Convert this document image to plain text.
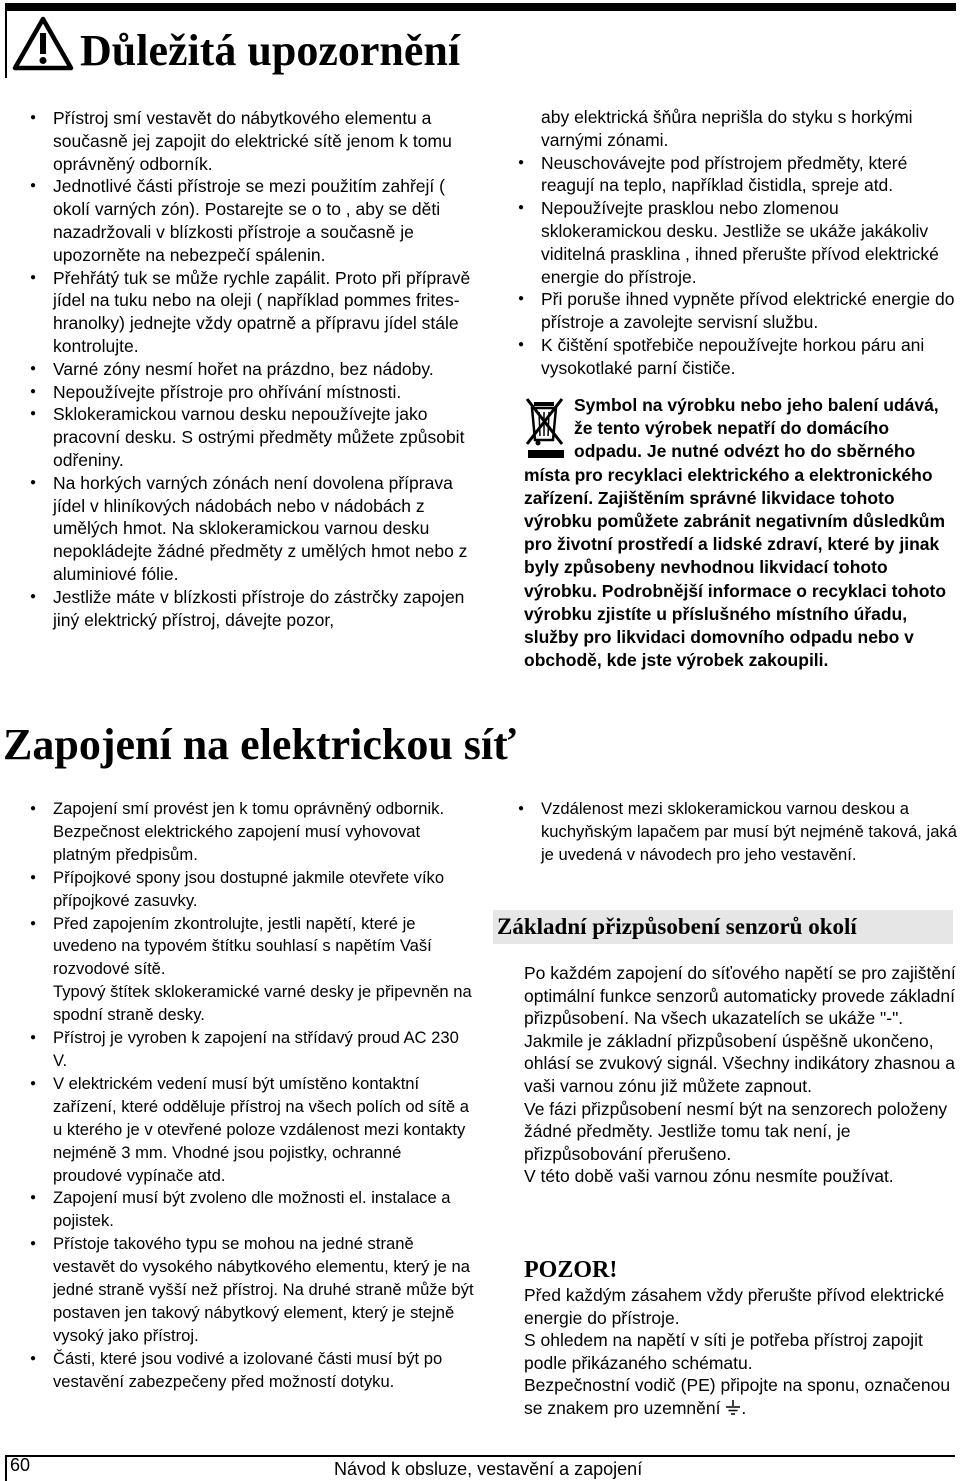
Důležitá upozornění
● Přístroj smí vestavět do nábytkového elementu a současně jej zapojit do elektrické sítě jenom k tomu oprávněný odborník.
● Jednotlivé části přístroje se mezi použitím zahřejí ( okolí varných zón). Postarejte se o to , aby se děti nazadržovali v blízkosti přístroje a současně je upozorněte na nebezpečí spálenin.
● Přehřátý tuk se může rychle zapálit. Proto při přípravě jídel na tuku nebo na oleji ( například pommes frites- hranolky) jednejte vždy opatrně a přípravu jídel stále kontrolujte.
● Varné zóny nesmí hořet na prázdno, bez nádoby.
● Nepoužívejte přístroje pro ohřívání místnosti.
● Sklokeramickou varnou desku nepoužívejte jako pracovní desku. S ostrými předměty můžete způsobit odřeniny.
● Na horkých varných zónách není dovolena příprava jídel v hliníkových nádobách nebo v nádobách z umělých hmot. Na sklokeramickou varnou desku nepokládejte žádné předměty z umělých hmot nebo z aluminiové fólie.
● Jestliže máte v blízkosti přístroje do zástrčky zapojen jiný elektrický přístroj, dávejte pozor,

aby elektrická šňůra neprišla do styku s horkými varnými zónami.

● Neuschovávejte pod přístrojem předměty, které reagují na teplo, například čistidla, spreje atd.
● Nepoužívejte prasklou nebo zlomenou sklokeramickou desku. Jestliže se ukáže jakákoliv viditelná prasklina , ihned přerušte přívod elektrické energie do přístroje.
● Při poruše ihned vypněte přívod elektrické energie do přístroje a zavolejte servisní službu.
● K čištění spotřebiče nepoužívejte horkou páru ani vysokotlaké parní čističe.
Symbol na výrobku nebo jeho balení udává, že tento výrobek nepatří do domácího odpadu. Je nutné odvézt ho do sběrného místa pro recyklaci elektrického a elektronického zařízení. Zajištěním správné likvidace tohoto výrobku pomůžete zabránit negativním důsledkům pro životní prostředí a lidské zdraví, které by jinak byly způsobeny nevhodnou likvidací tohoto výrobku. Podrobnější informace o recyklaci tohoto výrobku zjistíte u příslušného místního úřadu, služby pro likvidaci domovního odpadu nebo v obchodě, kde jste výrobek zakoupili.
Zapojení na elektrickou síť
● Zapojení smí provést jen k tomu oprávněný odbornik. Bezpečnost elektrického zapojení musí vyhovovat platným předpisům.
● Přípojkové spony jsou dostupné jakmile otevřete víko přípojkové zasuvky.
● Před zapojením zkontrolujte, jestli napětí, které je uvedeno na typovém štítku souhlasí s napětím Vaší rozvodové sítě.
Typový štítek sklokeramické varné desky je připevněn na spodní straně desky.
● Přístroj je vyroben k zapojení na střídavý proud AC 230 V.
● V elektrickém vedení musí být umístěno kontaktní zařízení, které odděluje přístroj na všech polích od sítě a u kterého je v otevřené poloze vzdálenost mezi kontakty nejméně 3 mm. Vhodné jsou pojistky, ochranné proudové vypínače atd.
● Zapojení musí být zvoleno dle možnosti el. instalace a pojistek.
● Přístoje takového typu se mohou na jedné straně vestavět do vysokého nábytkového elementu, který je na jedné straně vyšší než přístroj. Na druhé straně může být postaven jen takový nábytkový element, který je stejně vysoký jako přístroj.
● Části, které jsou vodivé a izolované části musí být po vestavění zabezpečeny před možností dotyku.
● Vzdálenost mezi sklokeramickou varnou deskou a kuchyňským lapačem par musí být nejméně taková, jaká je uvedená v návodech pro jeho vestavění.
Základní přizpůsobení senzorů okolí

Po každém zapojení do síťového napětí se pro zajištění optimální funkce senzorů automaticky provede základní přizpůsobení. Na všech ukazatelích se ukáže "-".

Jakmile je základní přizpůsobení úspěšně ukončeno, ohlásí se zvukový signál. Všechny indikátory zhasnou a vaši varnou zónu již můžete zapnout.

Ve fázi přizpůsobení nesmí být na senzorech položeny žádné předměty. Jestliže tomu tak není, je přizpůsobování přerušeno.

V této době vaši varnou zónu nesmíte používat.

POZOR!

Před každým zásahem vždy přerušte přívod elektrické energie do přístroje.

S ohledem na napětí v síti je potřeba přístroj zapojit podle přikázaného schématu.

Bezpečnostní vodič (PE) připojte na sponu, označenou se znakem pro uzemnění .

60	Návod k obsluze, vestavění a zapojení
